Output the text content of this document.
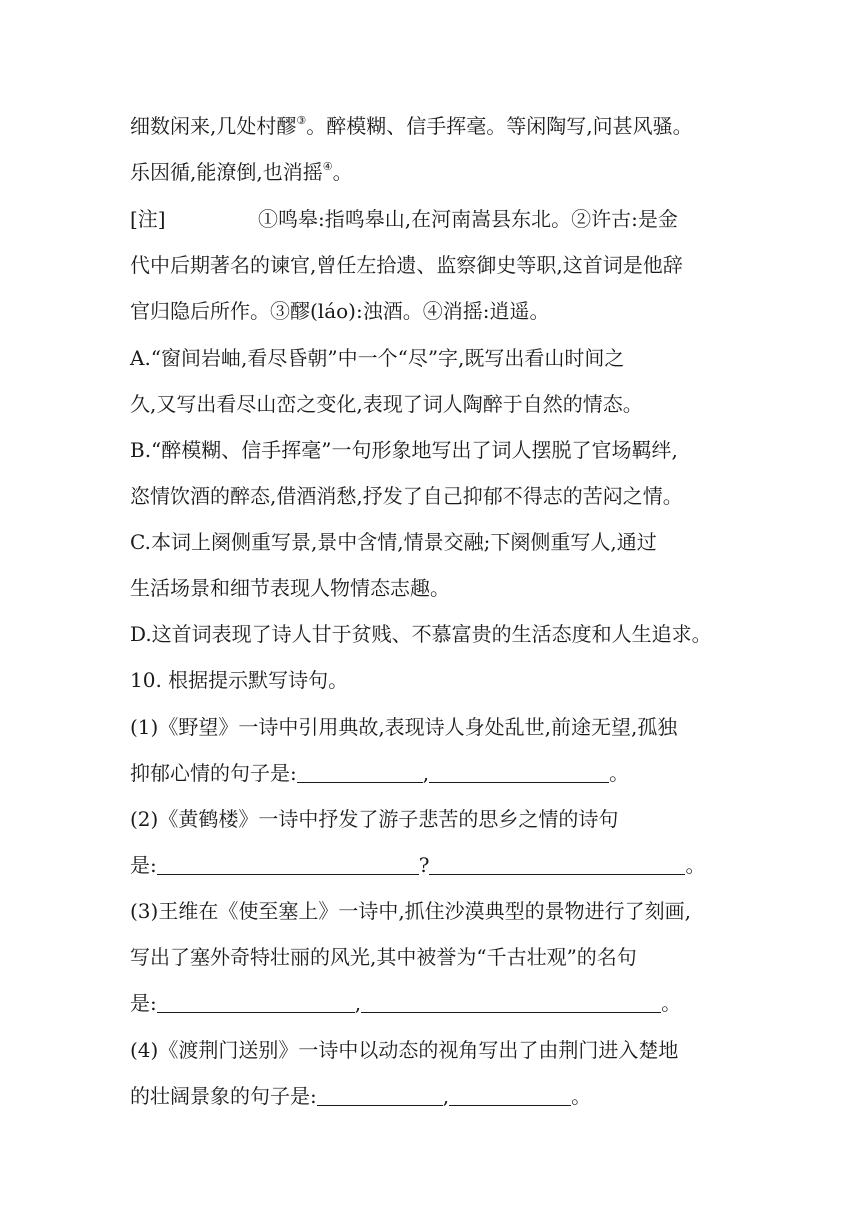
细数闲来,几处村醪③。醉模糊、信手挥毫。等闲陶写,问甚风骚。
乐因循,能潦倒,也消摇④。
[注]	①鸣皋:指鸣皋山,在河南嵩县东北。②许古:是金
代中后期著名的谏官,曾任左拾遗、监察御史等职,这首词是他辞
官归隐后所作。③醪(láo):浊酒。④消摇:逍遥。
A.“窗间岩岫,看尽昏朝”中一个“尽”字,既写出看山时间之
久,又写出看尽山峦之变化,表现了词人陶醉于自然的情态。
B.“醉模糊、信手挥毫”一句形象地写出了词人摆脱了官场羁绊,
恣情饮酒的醉态,借酒消愁,抒发了自己抑郁不得志的苦闷之情。
C.本词上阕侧重写景,景中含情,情景交融;下阕侧重写人,通过
生活场景和细节表现人物情态志趣。
D.这首词表现了诗人甘于贫贱、不慕富贵的生活态度和人生追求。
10. 根据提示默写诗句。
(1)《野望》一诗中引用典故,表现诗人身处乱世,前途无望,孤独
抑郁心情的句子是:	,	。
(2)《黄鹤楼》一诗中抒发了游子悲苦的思乡之情的诗句
是:	?	。
(3)王维在《使至塞上》一诗中,抓住沙漠典型的景物进行了刻画,
写出了塞外奇特壮丽的风光,其中被誉为“千古壮观”的名句
是:	,	。
(4)《渡荆门送别》一诗中以动态的视角写出了由荆门进入楚地
的壮阔景象的句子是:	,	。
